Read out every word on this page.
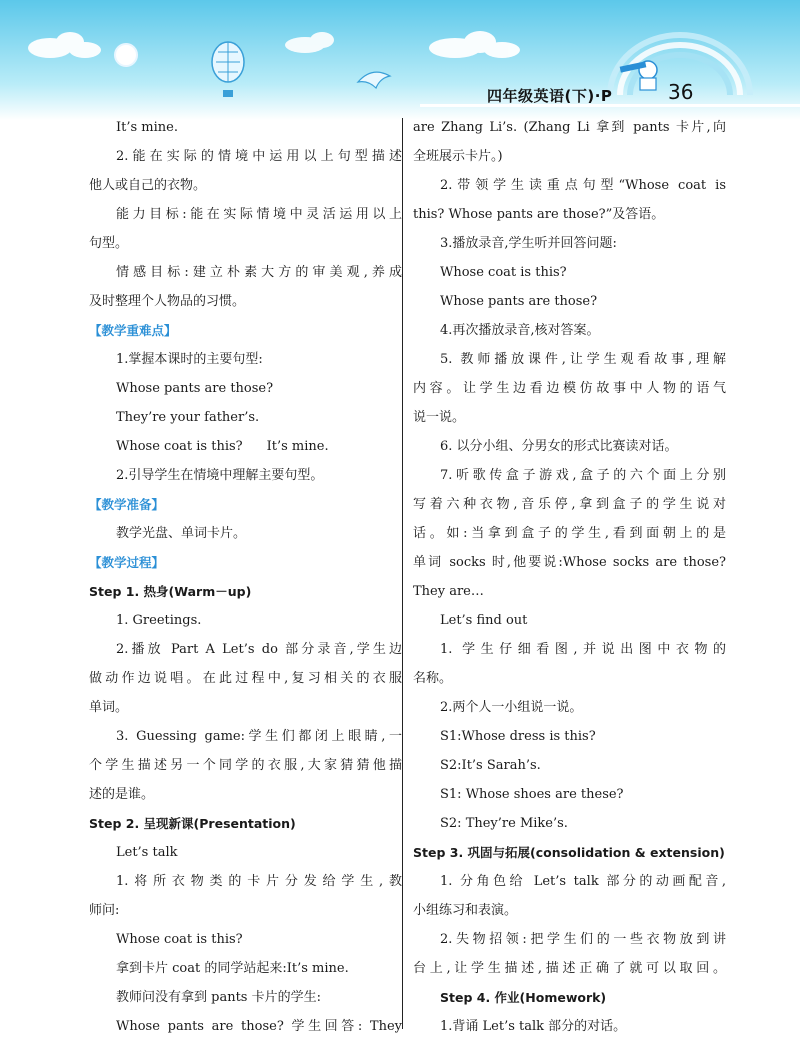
四年级英语(下)·P	36
It’s mine.
2.能在实际的情境中运用以上句型描述
他人或自己的衣物。
能力目标:能在实际情境中灵活运用以上
句型。
情感目标:建立朴素大方的审美观,养成
及时整理个人物品的习惯。
【教学重难点】
1.掌握本课时的主要句型:
Whose pants are those?
They’re your father’s.
Whose coat is this? It’s mine.
2.引导学生在情境中理解主要句型。
【教学准备】
教学光盘、单词卡片。
【教学过程】
Step 1. 热身(Warm－up)
1. Greetings.
2.播放 Part A Let’s do 部分录音,学生边
做动作边说唱。在此过程中,复习相关的衣服
单词。
3. Guessing game:学生们都闭上眼睛,一
个学生描述另一个同学的衣服,大家猜猜他描
述的是谁。
Step 2. 呈现新课(Presentation)
Let’s talk
1.将所衣物类的卡片分发给学生,教
师问:
Whose coat is this?
拿到卡片 coat 的同学站起来:It’s mine.
教师问没有拿到 pants 卡片的学生:
Whose pants are those? 学生回答: They
are Zhang Li’s. (Zhang Li 拿到 pants 卡片,向
全班展示卡片。)
2.带领学生读重点句型“Whose coat is
this? Whose pants are those?”及答语。
3.播放录音,学生听并回答问题:
Whose coat is this?
Whose pants are those?
4.再次播放录音,核对答案。
5. 教师播放课件,让学生观看故事,理解
内容。让学生边看边模仿故事中人物的语气
说一说。
6. 以分小组、分男女的形式比赛读对话。
7.听歌传盒子游戏,盒子的六个面上分别
写着六种衣物,音乐停,拿到盒子的学生说对
话。如:当拿到盒子的学生,看到面朝上的是
单词 socks 时,他要说:Whose socks are those?
They are…
Let’s find out
1. 学生仔细看图,并说出图中衣物的
名称。
2.两个人一小组说一说。
S1:Whose dress is this?
S2:It’s Sarah’s.
S1: Whose shoes are these?
S2: They’re Mike’s.
Step 3. 巩固与拓展(consolidation & extension)
1. 分角色给 Let’s talk 部分的动画配音,
小组练习和表演。
2.失物招领:把学生们的一些衣物放到讲
台上,让学生描述,描述正确了就可以取回。
Step 4. 作业(Homework)
1.背诵 Let’s talk 部分的对话。
